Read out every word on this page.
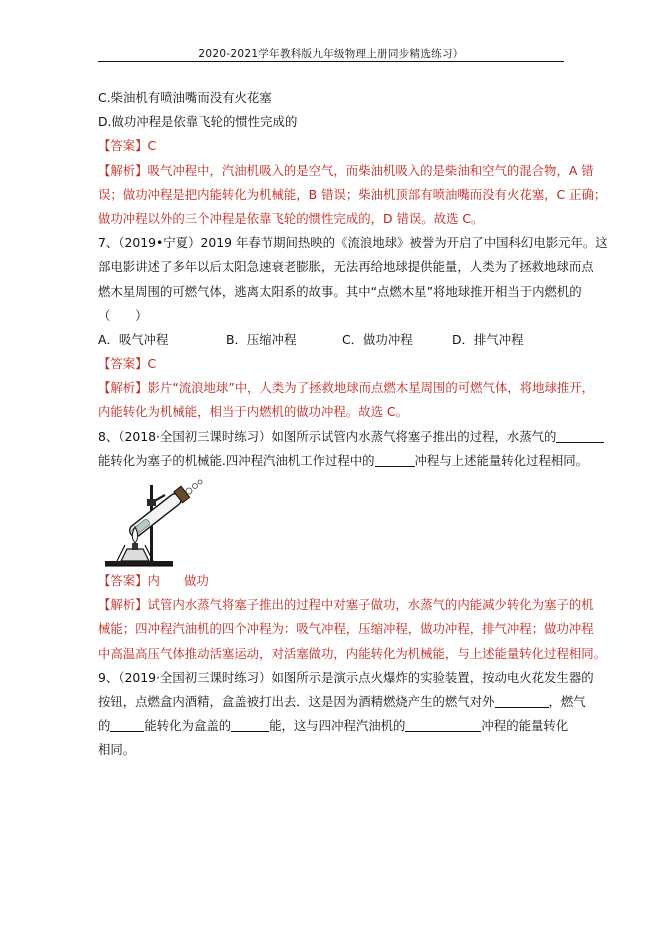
2020-2021学年教科版九年级物理上册同步精选练习）
C.柴油机有喷油嘴而没有火花塞
D.做功冲程是依靠飞轮的惯性完成的
【答案】C
【解析】吸气冲程中，汽油机吸入的是空气，而柴油机吸入的是柴油和空气的混合物，A 错
误；做功冲程是把内能转化为机械能，B 错误；柴油机顶部有喷油嘴而没有火花塞，C 正确；
做功冲程以外的三个冲程是依靠飞轮的惯性完成的，D 错误。故选 C。
7、（2019•宁夏）2019 年春节期间热映的《流浪地球》被誉为开启了中国科幻电影元年。这
部电影讲述了多年以后太阳急速衰老膨胀，无法再给地球提供能量，人类为了拯救地球而点
燃木星周围的可燃气体，逃离太阳系的故事。其中“点燃木星”将地球推开相当于内燃机的
（　　）
A．吸气冲程	B．压缩冲程	C．做功冲程	D．排气冲程
【答案】C
【解析】影片“流浪地球”中，人类为了拯救地球而点燃木星周围的可燃气体，将地球推开，
内能转化为机械能，相当于内燃机的做功冲程。故选 C。
8、（2018·全国初三课时练习）如图所示试管内水蒸气将塞子推出的过程，水蒸气的
能转化为塞子的机械能.四冲程汽油机工作过程中的	冲程与上述能量转化过程相同。
【答案】内 做功
【解析】试管内水蒸气将塞子推出的过程中对塞子做功，水蒸气的内能减少转化为塞子的机
械能；四冲程汽油机的四个冲程为：吸气冲程，压缩冲程，做功冲程，排气冲程；做功冲程
中高温高压气体推动活塞运动，对活塞做功，内能转化为机械能，与上述能量转化过程相同。
9、（2019·全国初三课时练习）如图所示是演示点火爆炸的实验装置，按动电火花发生器的
按钮，点燃盒内酒精，盒盖被打出去．这是因为酒精燃烧产生的燃气对外	，燃气
的	能转化为盒盖的	能，这与四冲程汽油机的	冲程的能量转化
相同。
